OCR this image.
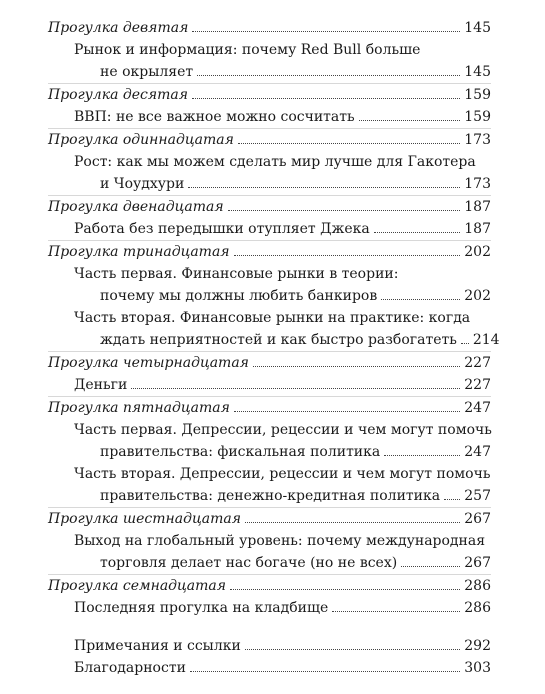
Прогулка девятая	145
Рынок и информация: почему Red Bull больше
не окрыляет	145
Прогулка десятая	159
ВВП: не все важное можно сосчитать	159
Прогулка одиннадцатая	173
Рост: как мы можем сделать мир лучше для Гакотера
и Чоудхури	173
Прогулка двенадцатая	187
Работа без передышки отупляет Джека	187
Прогулка тринадцатая	202
Часть первая. Финансовые рынки в теории:
почему мы должны любить банкиров	202
Часть вторая. Финансовые рынки на практике: когда
ждать неприятностей и как быстро разбогатеть 214
Прогулка четырнадцатая	227
Деньги	227
Прогулка пятнадцатая	247
Часть первая. Депрессии, рецессии и чем могут помочь
правительства: фискальная политика	247
Часть вторая. Депрессии, рецессии и чем могут помочь
правительства: денежно-кредитная политика 257
Прогулка шестнадцатая	267
Выход на глобальный уровень: почему международная
торговля делает нас богаче (но не всех)	267
Прогулка семнадцатая	286
Последняя прогулка на кладбище	286
Примечания и ссылки	292
Благодарности	303
